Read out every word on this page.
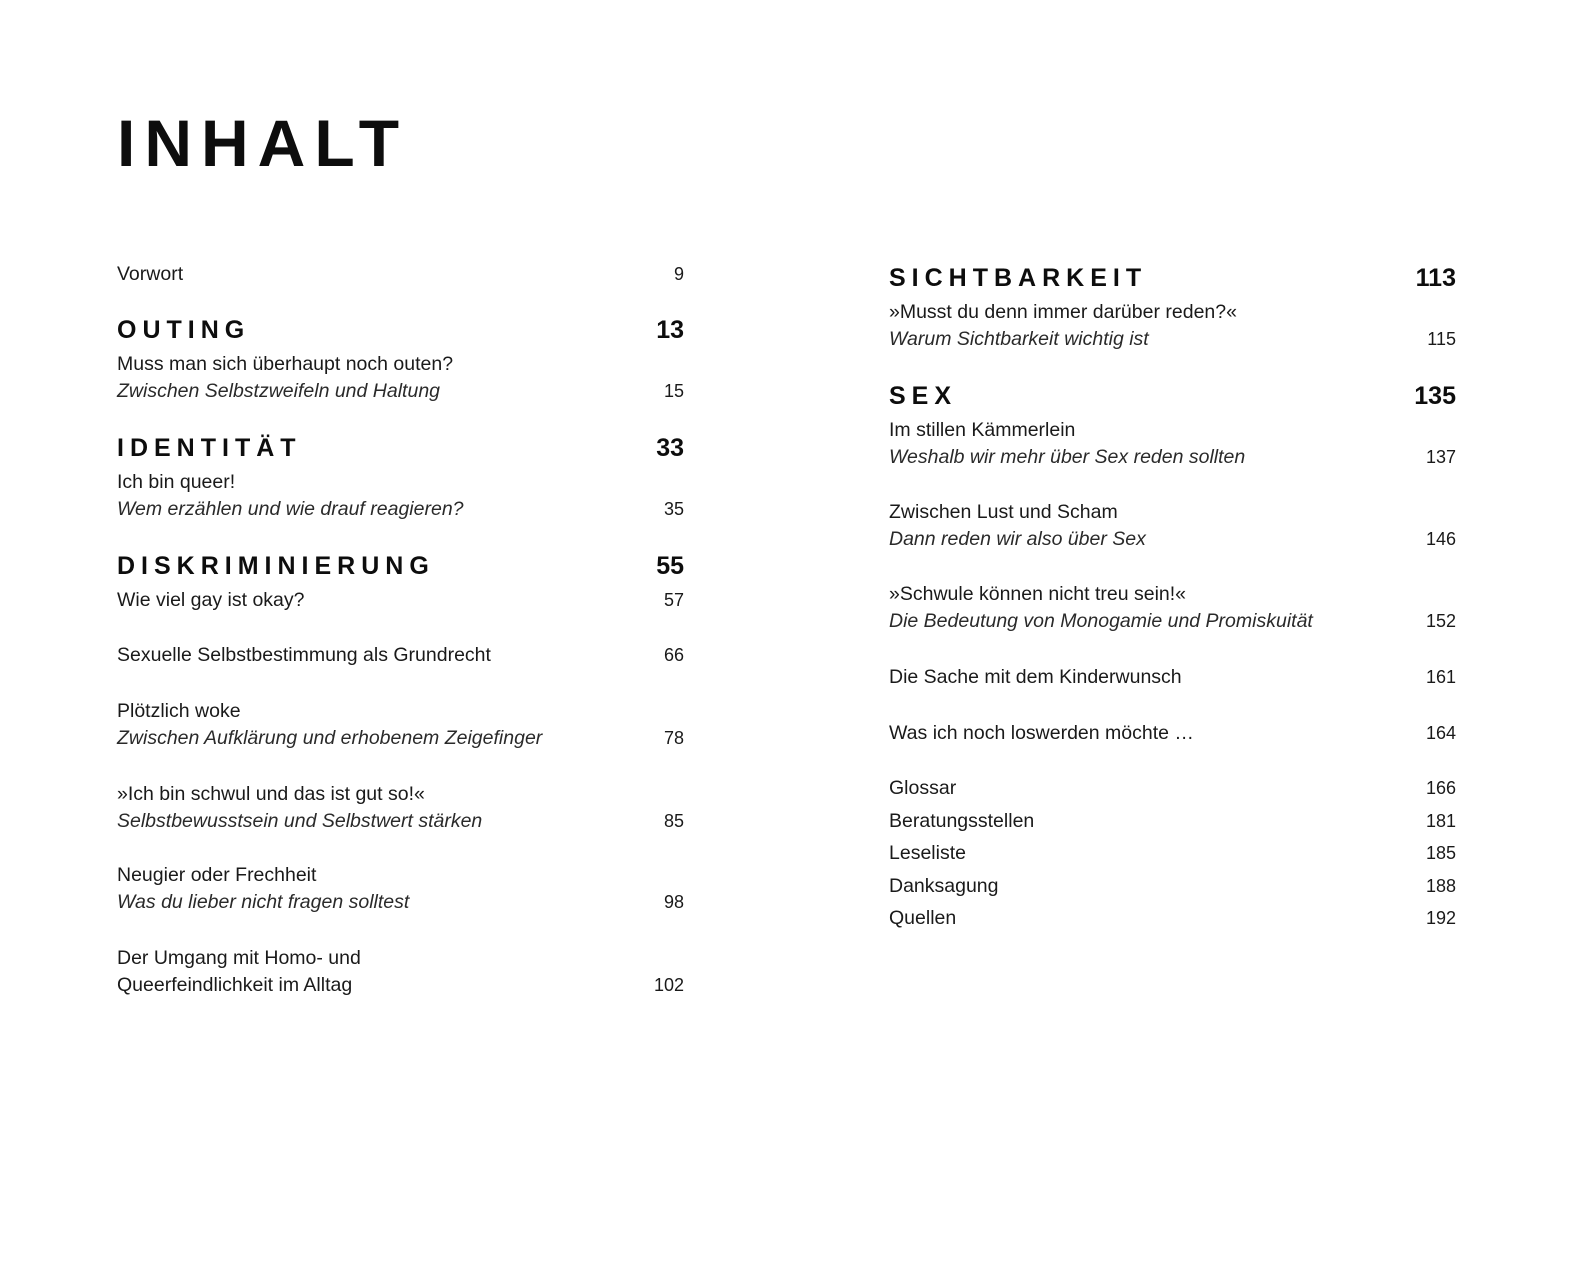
INHALT
Vorwort	9
OUTING	13
Muss man sich überhaupt noch outen?
Zwischen Selbstzweifeln und Haltung	15
IDENTITÄT	33
Ich bin queer!
Wem erzählen und wie drauf reagieren?	35
DISKRIMINIERUNG	55
Wie viel gay ist okay?	57
Sexuelle Selbstbestimmung als Grundrecht	66
Plötzlich woke
Zwischen Aufklärung und erhobenem Zeigefinger	78
»Ich bin schwul und das ist gut so!«
Selbstbewusstsein und Selbstwert stärken	85
Neugier oder Frechheit
Was du lieber nicht fragen solltest	98
Der Umgang mit Homo- und
Queerfeindlichkeit im Alltag	102
SICHTBARKEIT	113
»Musst du denn immer darüber reden?«
Warum Sichtbarkeit wichtig ist	115
SEX	135
Im stillen Kämmerlein
Weshalb wir mehr über Sex reden sollten	137
Zwischen Lust und Scham
Dann reden wir also über Sex	146
»Schwule können nicht treu sein!«
Die Bedeutung von Monogamie und Promiskuität	152
Die Sache mit dem Kinderwunsch	161
Was ich noch loswerden möchte …	164
Glossar	166
Beratungsstellen	181
Leseliste	185
Danksagung	188
Quellen	192
